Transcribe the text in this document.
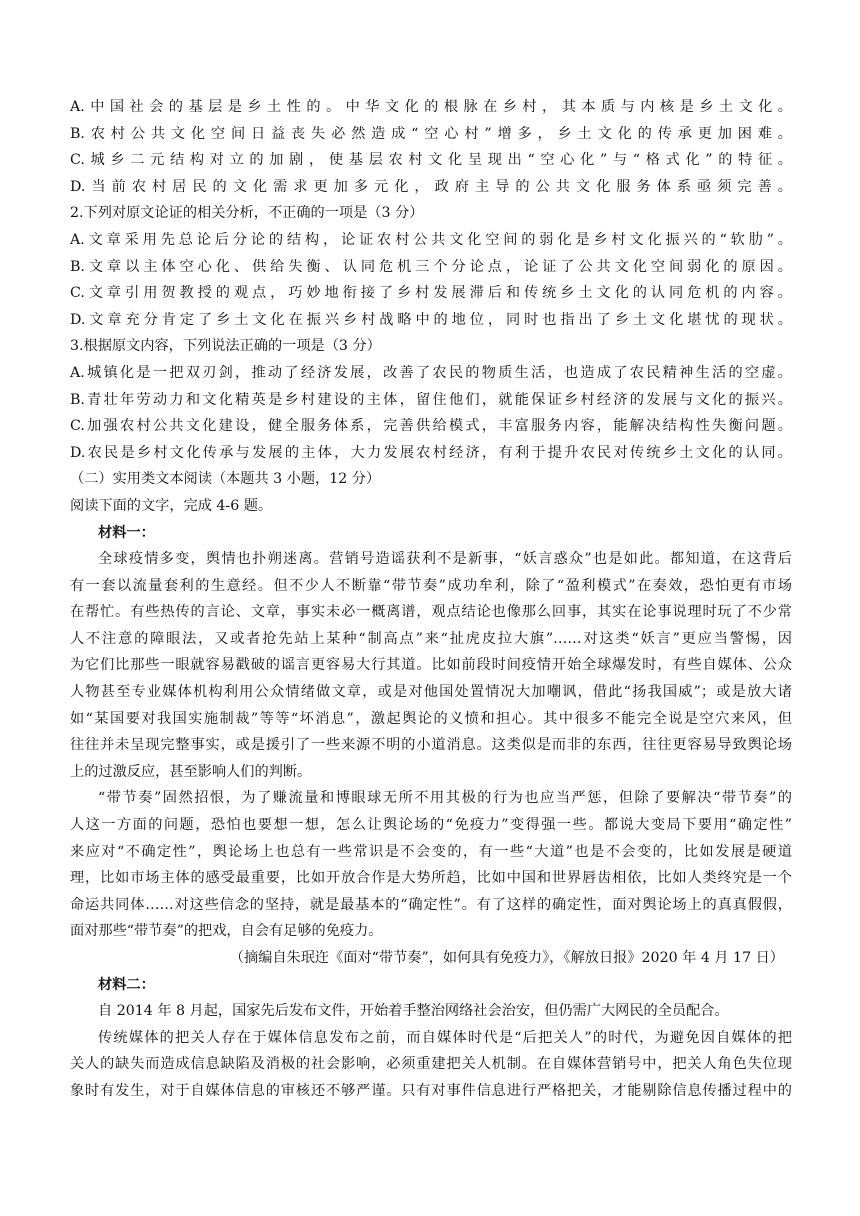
A.中国社会的基层是乡土性的。中华文化的根脉在乡村，其本质与内核是乡土文化。
B.农村公共文化空间日益丧失必然造成“空心村”增多，乡土文化的传承更加困难。
C.城乡二元结构对立的加剧，使基层农村文化呈现出“空心化”与“格式化”的特征。
D.当前农村居民的文化需求更加多元化，政府主导的公共文化服务体系亟须完善。
2.下列对原文论证的相关分析，不正确的一项是（3 分）
A.文章采用先总论后分论的结构，论证农村公共文化空间的弱化是乡村文化振兴的“软肋”。
B.文章以主体空心化、供给失衡、认同危机三个分论点，论证了公共文化空间弱化的原因。
C.文章引用贺教授的观点，巧妙地衔接了乡村发展滞后和传统乡土文化的认同危机的内容。
D.文章充分肯定了乡土文化在振兴乡村战略中的地位，同时也指出了乡土文化堪忧的现状。
3.根据原文内容，下列说法正确的一项是（3 分）
A.城镇化是一把双刃剑，推动了经济发展，改善了农民的物质生活，也造成了农民精神生活的空虚。
B.青壮年劳动力和文化精英是乡村建设的主体，留住他们，就能保证乡村经济的发展与文化的振兴。
C.加强农村公共文化建设，健全服务体系，完善供给模式，丰富服务内容，能解决结构性失衡问题。
D.农民是乡村文化传承与发展的主体，大力发展农村经济，有利于提升农民对传统乡土文化的认同。
（二）实用类文本阅读（本题共 3 小题，12 分）
阅读下面的文字，完成 4-6 题。
材料一：
全球疫情多变，舆情也扑朔迷离。营销号造谣获利不是新事，“妖言惑众”也是如此。都知道，在这背后
有一套以流量套利的生意经。但不少人不断靠“带节奏”成功牟利，除了“盈利模式”在奏效，恐怕更有市场
在帮忙。有些热传的言论、文章，事实未必一概离谱，观点结论也像那么回事，其实在论事说理时玩了不少常
人不注意的障眼法，又或者抢先站上某种“制高点”来“扯虎皮拉大旗”……对这类“妖言”更应当警惕，因
为它们比那些一眼就容易戳破的谣言更容易大行其道。比如前段时间疫情开始全球爆发时，有些自媒体、公众
人物甚至专业媒体机构利用公众情绪做文章，或是对他国处置情况大加嘲讽，借此“扬我国威”；或是放大诸
如“某国要对我国实施制裁”等等“坏消息”，激起舆论的义愤和担心。其中很多不能完全说是空穴来风，但
往往并未呈现完整事实，或是援引了一些来源不明的小道消息。这类似是而非的东西，往往更容易导致舆论场
上的过激反应，甚至影响人们的判断。
“带节奏”固然招恨，为了赚流量和博眼球无所不用其极的行为也应当严惩，但除了要解决“带节奏”的
人这一方面的问题，恐怕也要想一想，怎么让舆论场的“免疫力”变得强一些。都说大变局下要用“确定性”
来应对“不确定性”，舆论场上也总有一些常识是不会变的，有一些“大道”也是不会变的，比如发展是硬道
理，比如市场主体的感受最重要，比如开放合作是大势所趋，比如中国和世界唇齿相依，比如人类终究是一个
命运共同体……对这些信念的坚持，就是最基本的“确定性”。有了这样的确定性，面对舆论场上的真真假假，
面对那些“带节奏”的把戏，自会有足够的免疫力。
（摘编自朱珉迕《面对“带节奏”，如何具有免疫力》，《解放日报》2020 年 4 月 17 日）
材料二：
自 2014 年 8 月起，国家先后发布文件，开始着手整治网络社会治安，但仍需广大网民的全员配合。
传统媒体的把关人存在于媒体信息发布之前，而自媒体时代是“后把关人”的时代，为避免因自媒体的把
关人的缺失而造成信息缺陷及消极的社会影响，必须重建把关人机制。在自媒体营销号中，把关人角色失位现
象时有发生，对于自媒体信息的审核还不够严谨。只有对事件信息进行严格把关，才能剔除信息传播过程中的
